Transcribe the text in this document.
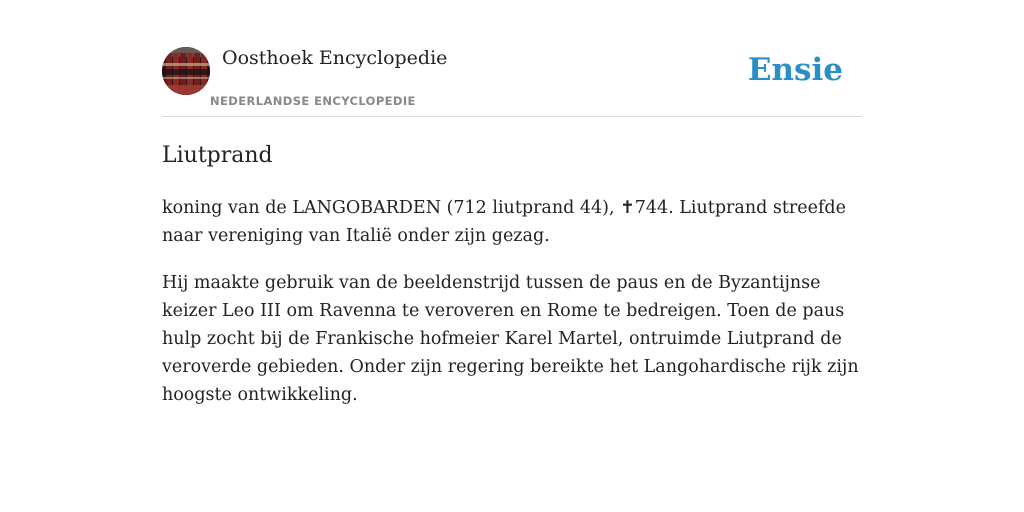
Oosthoek Encyclopedie
NEDERLANDSE ENCYCLOPEDIE
Ensie
Liutprand

koning van de LANGOBARDEN (712 liutprand 44), ✝744. Liutprand streefde naar vereniging van Italië onder zijn gezag.

Hij maakte gebruik van de beeldenstrijd tussen de paus en de Byzantijnse keizer Leo III om Ravenna te veroveren en Rome te bedreigen. Toen de paus hulp zocht bij de Frankische hofmeier Karel Martel, ontruimde Liutprand de veroverde gebieden. Onder zijn regering bereikte het Langohardische rijk zijn hoogste ontwikkeling.
